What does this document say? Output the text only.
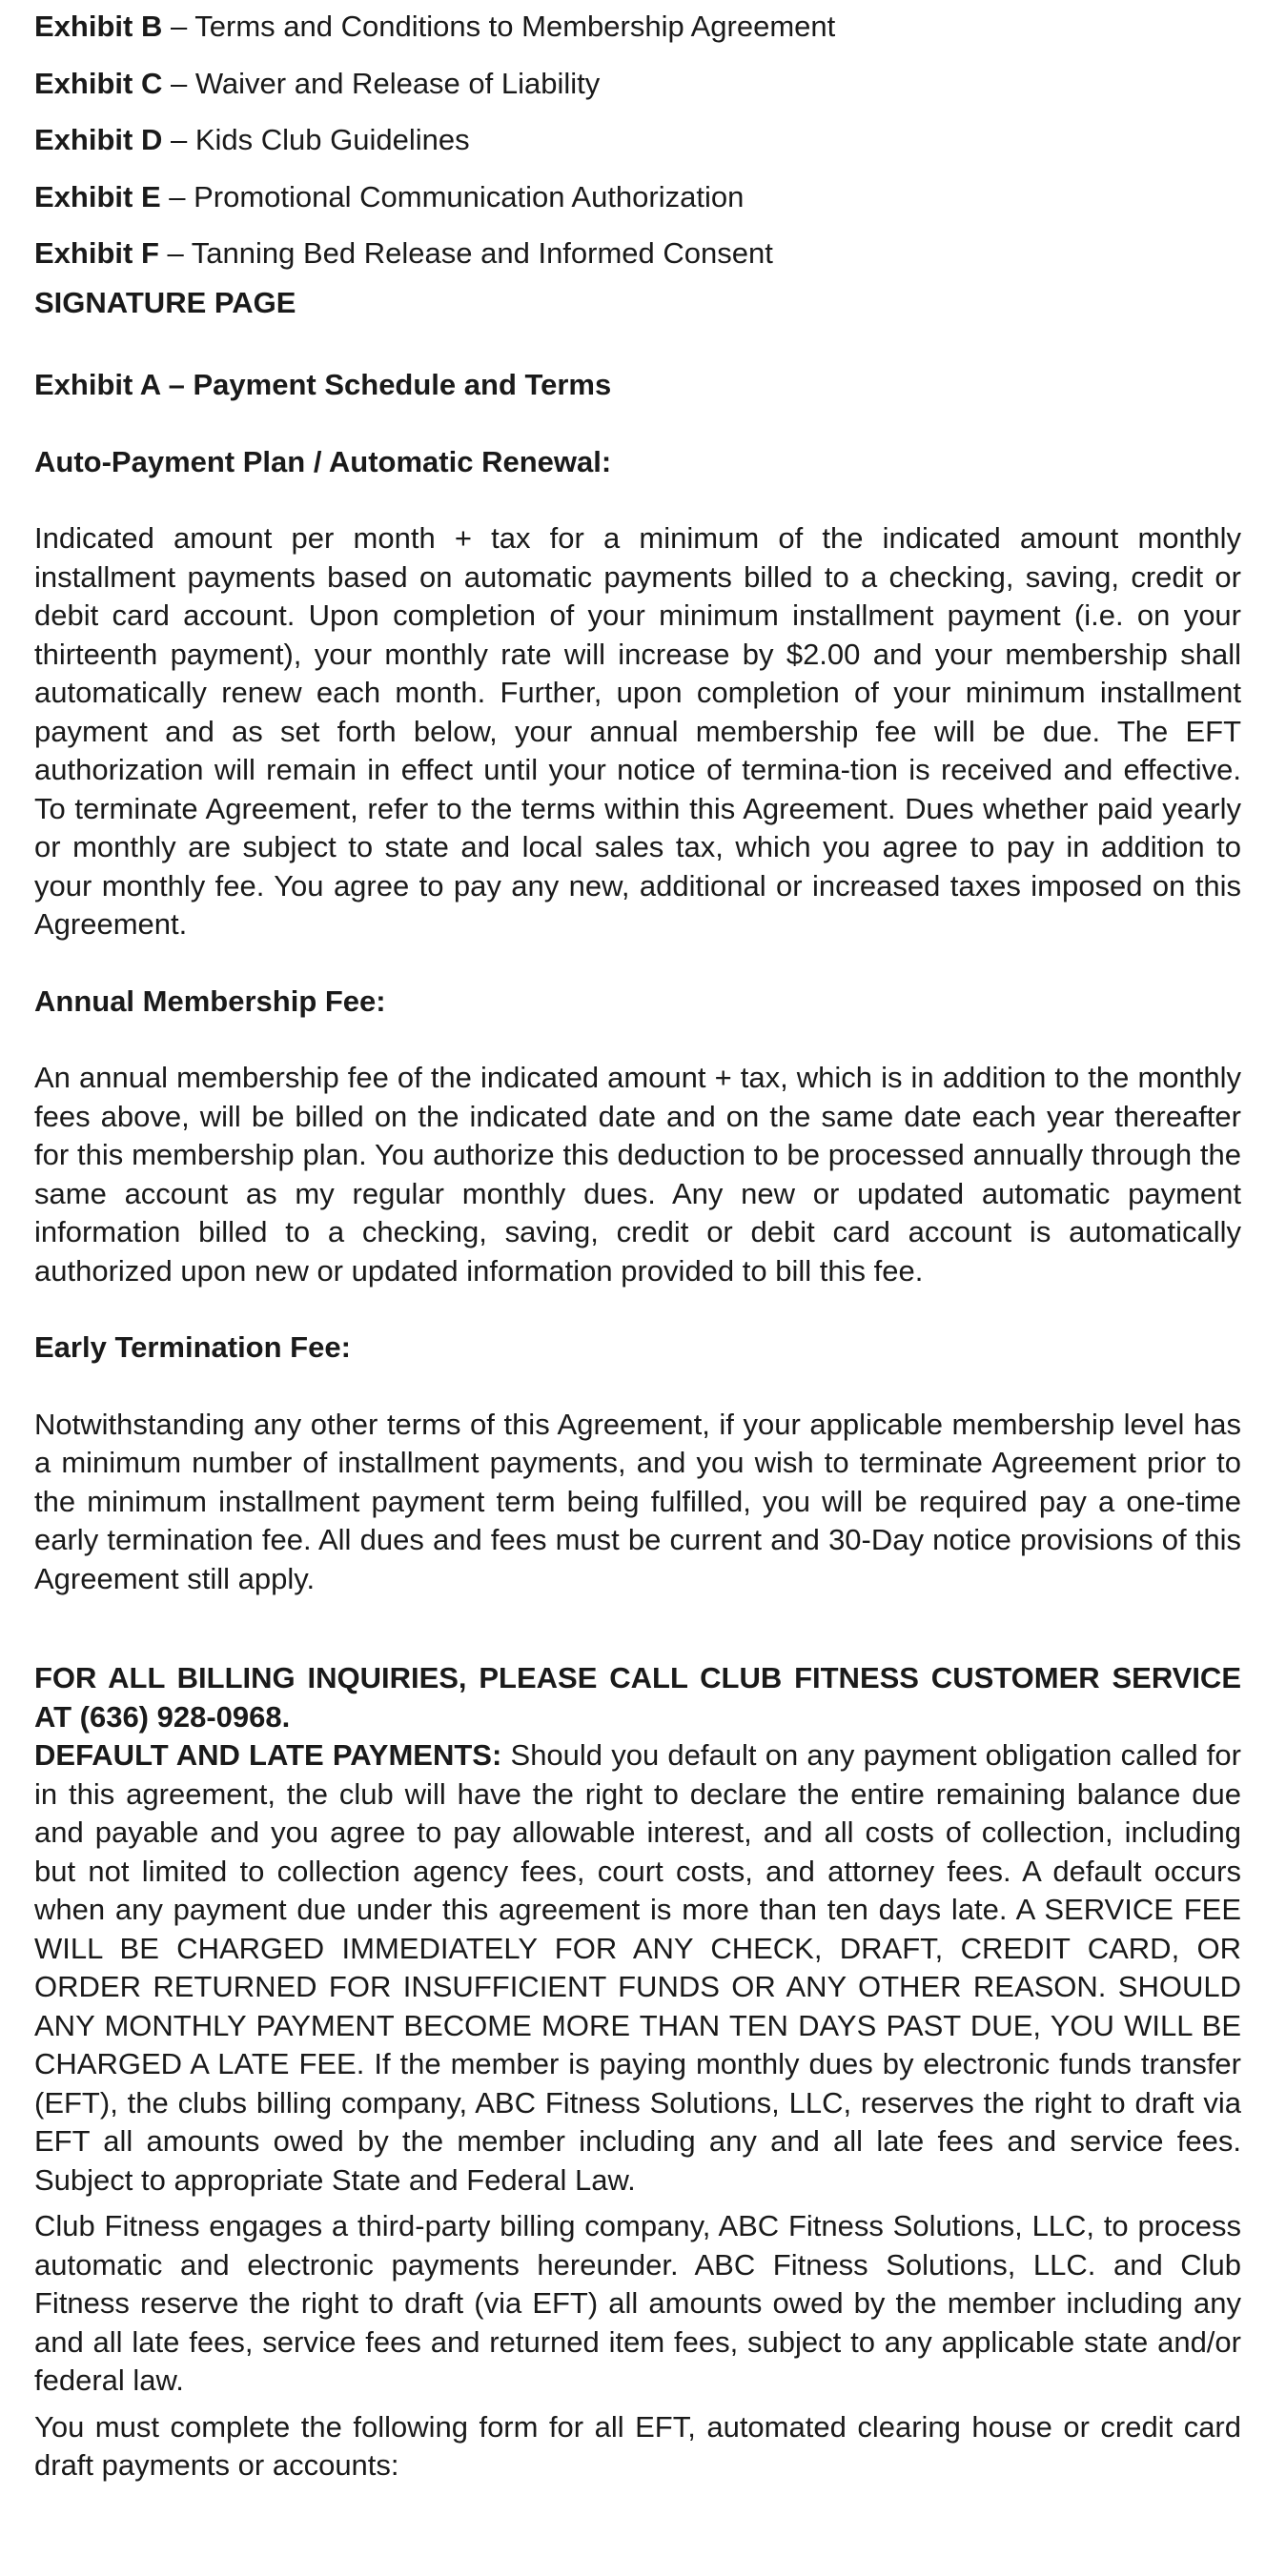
Exhibit B – Terms and Conditions to Membership Agreement

Exhibit C – Waiver and Release of Liability

Exhibit D – Kids Club Guidelines

Exhibit E – Promotional Communication Authorization

Exhibit F – Tanning Bed Release and Informed Consent

SIGNATURE PAGE

Exhibit A – Payment Schedule and Terms

Auto-Payment Plan / Automatic Renewal:

Indicated amount per month + tax for a minimum of the indicated amount monthly installment payments based on automatic payments billed to a checking, saving, credit or debit card account. Upon completion of your minimum installment payment (i.e. on your thirteenth payment), your monthly rate will increase by $2.00 and your membership shall automatically renew each month. Further, upon completion of your minimum installment payment and as set forth below, your annual membership fee will be due. The EFT authorization will remain in effect until your notice of termina-tion is received and effective. To terminate Agreement, refer to the terms within this Agreement. Dues whether paid yearly or monthly are subject to state and local sales tax, which you agree to pay in addition to your monthly fee. You agree to pay any new, additional or increased taxes imposed on this Agreement.

Annual Membership Fee:

An annual membership fee of the indicated amount + tax, which is in addition to the monthly fees above, will be billed on the indicated date and on the same date each year thereafter for this membership plan. You authorize this deduction to be processed annually through the same account as my regular monthly dues. Any new or updated automatic payment information billed to a checking, saving, credit or debit card account is automatically authorized upon new or updated information provided to bill this fee.

Early Termination Fee:

Notwithstanding any other terms of this Agreement, if your applicable membership level has a minimum number of installment payments, and you wish to terminate Agreement prior to the minimum installment payment term being fulfilled, you will be required pay a one-time early termination fee. All dues and fees must be current and 30-Day notice provisions of this Agreement still apply.

FOR ALL BILLING INQUIRIES, PLEASE CALL CLUB FITNESS CUSTOMER SERVICE AT (636) 928-0968.

DEFAULT AND LATE PAYMENTS: Should you default on any payment obligation called for in this agreement, the club will have the right to declare the entire remaining balance due and payable and you agree to pay allowable interest, and all costs of collection, including but not limited to collection agency fees, court costs, and attorney fees. A default occurs when any payment due under this agreement is more than ten days late. A SERVICE FEE WILL BE CHARGED IMMEDIATELY FOR ANY CHECK, DRAFT, CREDIT CARD, OR ORDER RETURNED FOR INSUFFICIENT FUNDS OR ANY OTHER REASON. SHOULD ANY MONTHLY PAYMENT BECOME MORE THAN TEN DAYS PAST DUE, YOU WILL BE CHARGED A LATE FEE. If the member is paying monthly dues by electronic funds transfer (EFT), the clubs billing company, ABC Fitness Solutions, LLC, reserves the right to draft via EFT all amounts owed by the member including any and all late fees and service fees. Subject to appropriate State and Federal Law.

Club Fitness engages a third-party billing company, ABC Fitness Solutions, LLC, to process automatic and electronic payments hereunder. ABC Fitness Solutions, LLC. and Club Fitness reserve the right to draft (via EFT) all amounts owed by the member including any and all late fees, service fees and returned item fees, subject to any applicable state and/or federal law.

You must complete the following form for all EFT, automated clearing house or credit card draft payments or accounts:
